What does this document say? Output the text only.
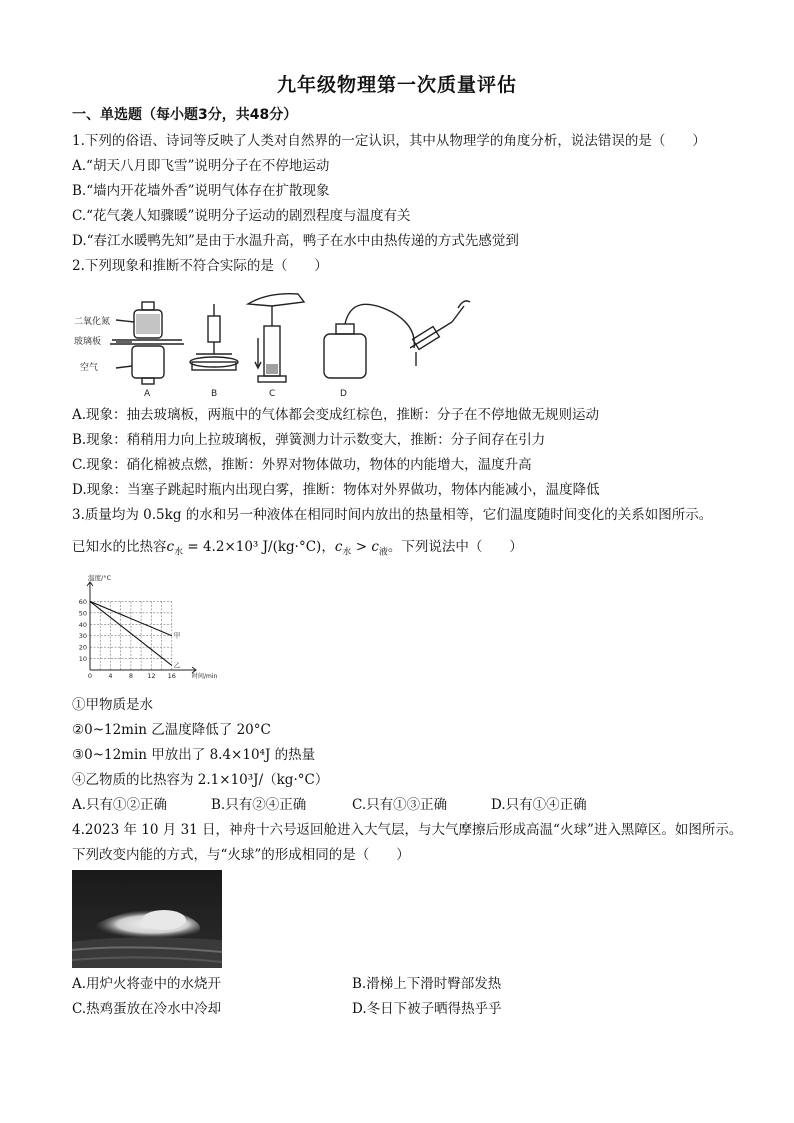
九年级物理第一次质量评估
一、单选题（每小题3分，共48分）
1.下列的俗语、诗词等反映了人类对自然界的一定认识，其中从物理学的角度分析，说法错误的是（　　）
A.“胡天八月即飞雪”说明分子在不停地运动
B.“墙内开花墙外香”说明气体存在扩散现象
C.“花气袭人知骤暖”说明分子运动的剧烈程度与温度有关
D.“春江水暖鸭先知”是由于水温升高，鸭子在水中由热传递的方式先感觉到
2.下列现象和推断不符合实际的是（　　）
二氧化氮
玻璃板
空气
A	B	C	D
A.现象：抽去玻璃板，两瓶中的气体都会变成红棕色，推断：分子在不停地做无规则运动
B.现象：稍稍用力向上拉玻璃板，弹簧测力计示数变大，推断：分子间存在引力
C.现象：硝化棉被点燃，推断：外界对物体做功，物体的内能增大，温度升高
D.现象：当塞子跳起时瓶内出现白雾，推断：物体对外界做功，物体内能减小，温度降低
3.质量均为 0.5kg 的水和另一种液体在相同时间内放出的热量相等，它们温度随时间变化的关系如图所示。
已知水的比热容$c_水 = 4.2\times 10^3$ J/(kg·°C)，$c_水 > c_液$。下列说法中（　　）
10
20
30
40
50
60
0	4	8 12 16
温度/°C
时间/min
甲
乙
①甲物质是水
②0~12min 乙温度降低了 20°C
③0~12min 甲放出了 8.4×10⁴J 的热量
④乙物质的比热容为 2.1×10³J/（kg·°C）
A.只有①②正确	B.只有②④正确	C.只有①③正确	D.只有①④正确
4.2023 年 10 月 31 日，神舟十六号返回舱进入大气层，与大气摩擦后形成高温“火球”进入黑障区。如图所示。
下列改变内能的方式，与“火球”的形成相同的是（　　）
A.用炉火将壶中的水烧开	B.滑梯上下滑时臀部发热
C.热鸡蛋放在冷水中冷却	D.冬日下被子晒得热乎乎
